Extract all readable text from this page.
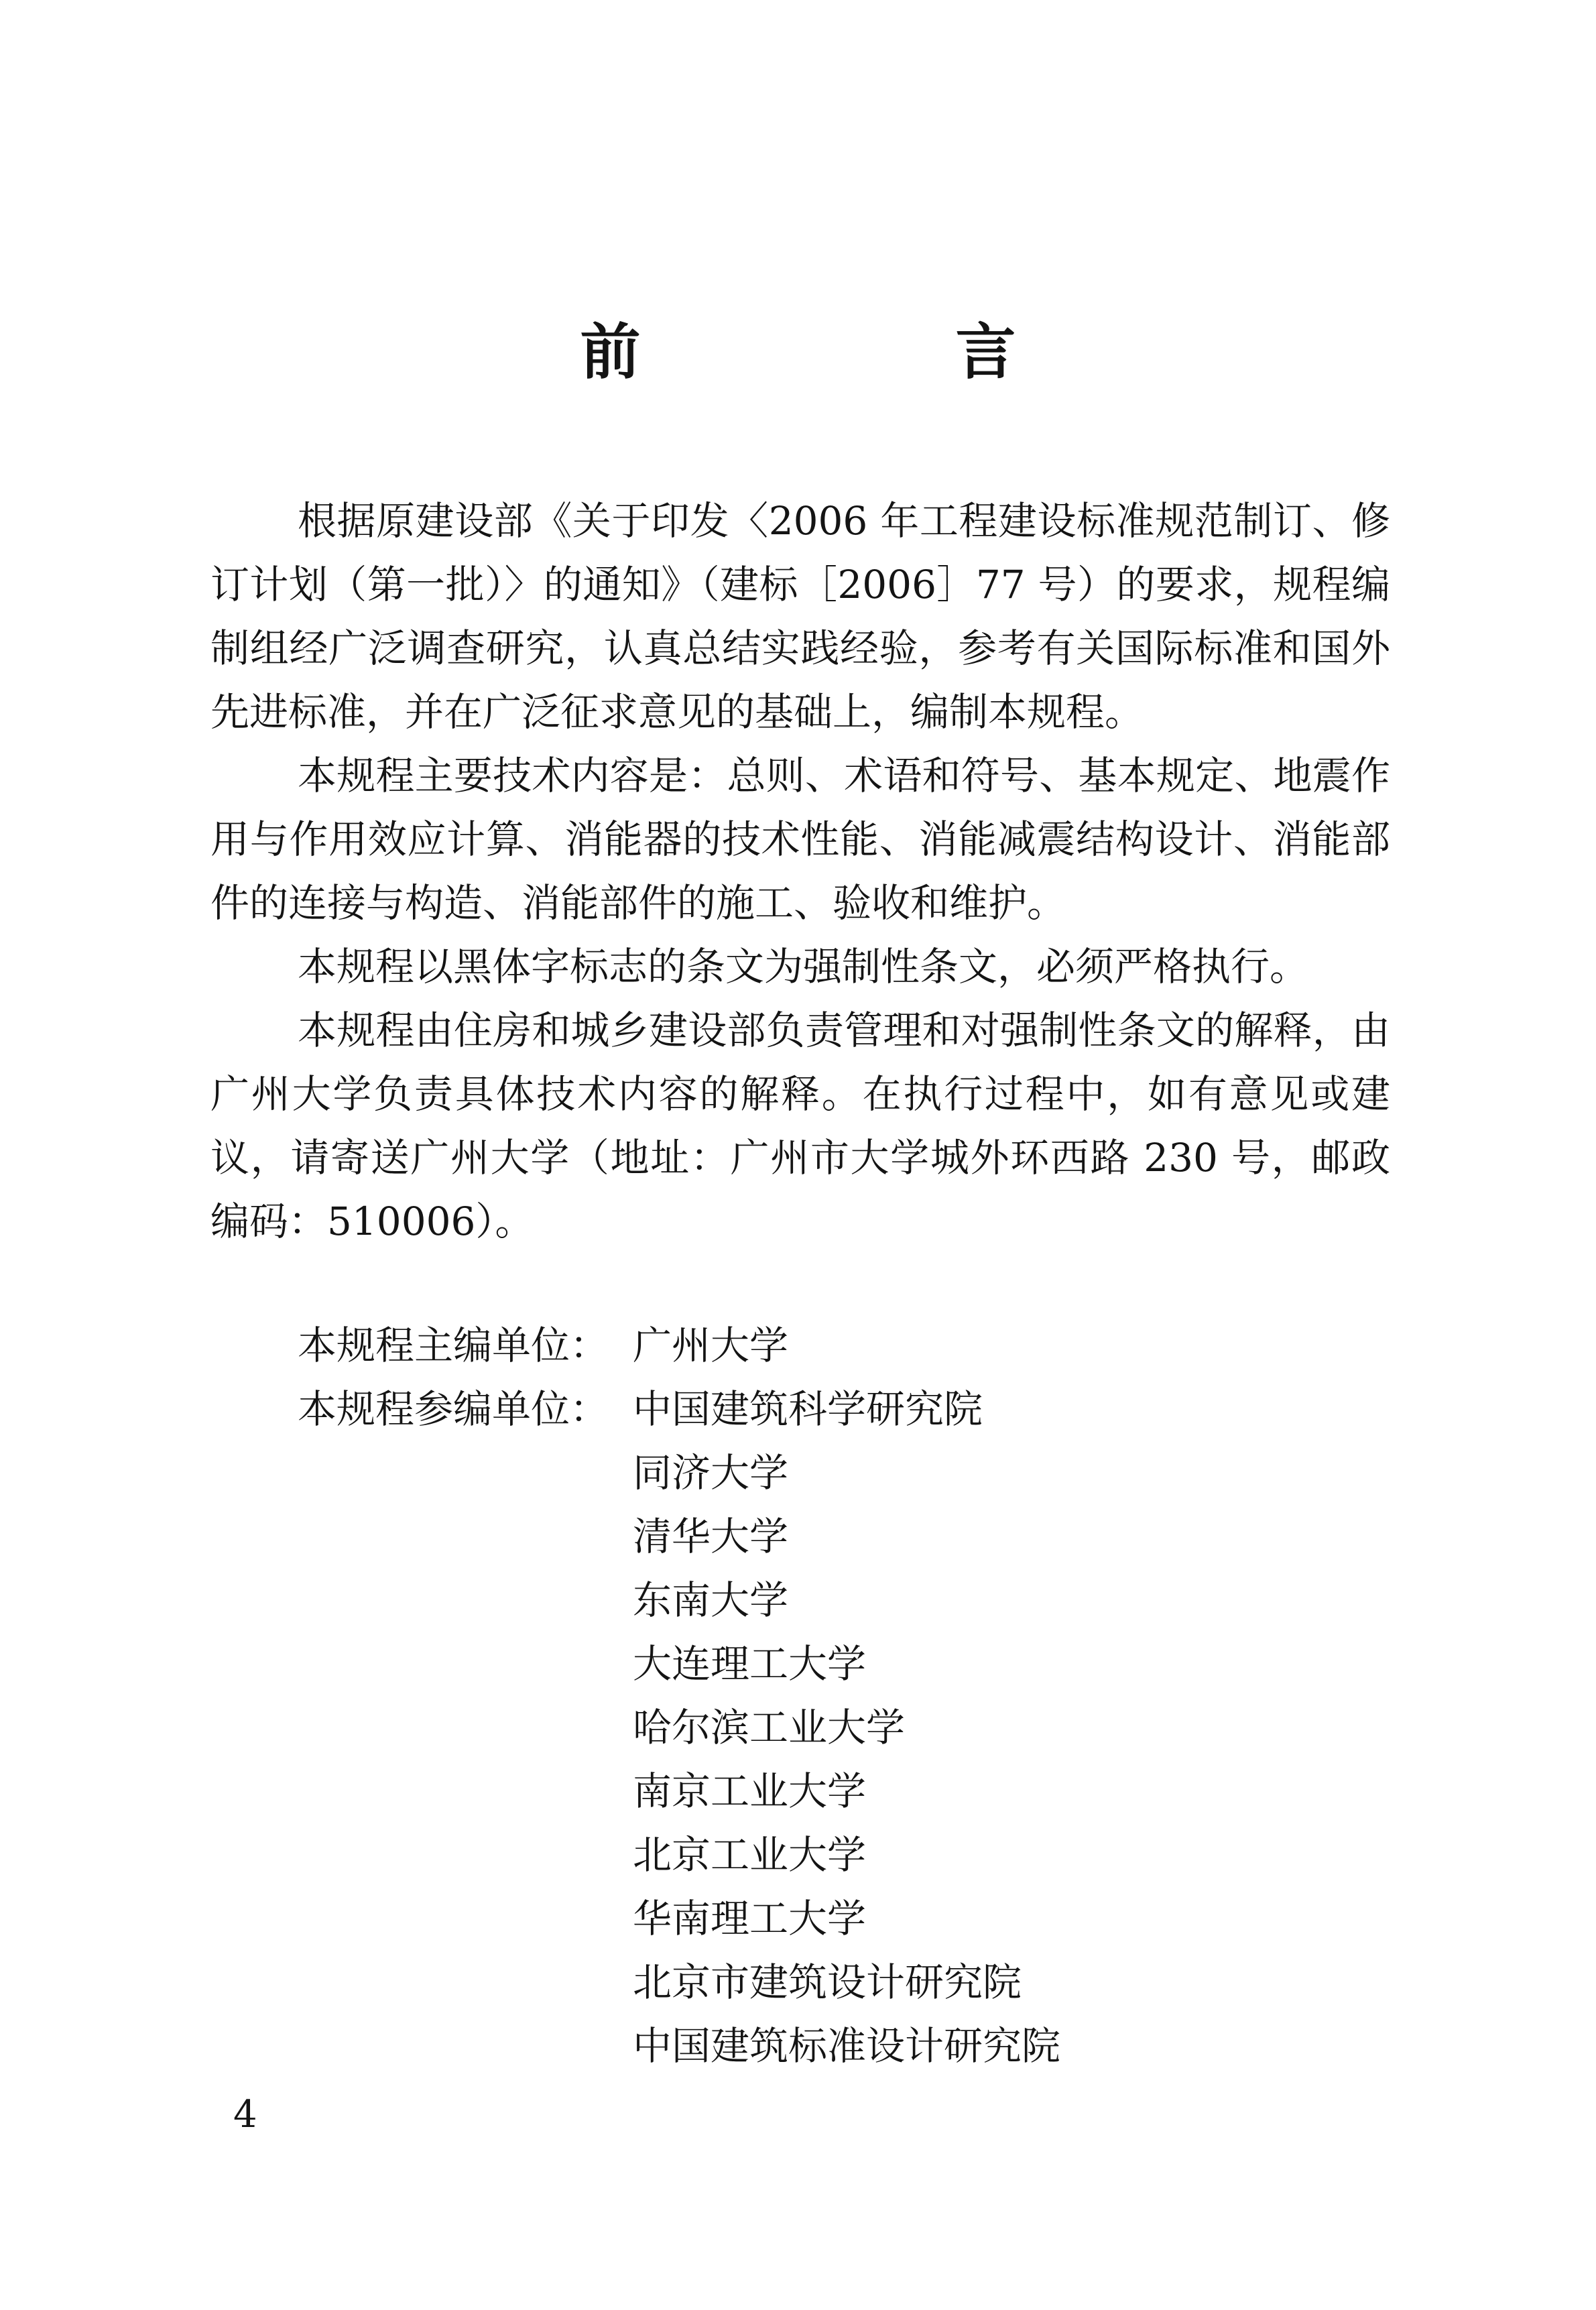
前　言

根据原建设部《关于印发〈2006 年工程建设标准规范制订、修订计划（第一批）〉的通知》（建标［2006］77 号）的要求，规程编制组经广泛调查研究，认真总结实践经验，参考有关国际标准和国外先进标准，并在广泛征求意见的基础上，编制本规程。

本规程主要技术内容是：总则、术语和符号、基本规定、地震作用与作用效应计算、消能器的技术性能、消能减震结构设计、消能部件的连接与构造、消能部件的施工、验收和维护。

本规程以黑体字标志的条文为强制性条文，必须严格执行。

本规程由住房和城乡建设部负责管理和对强制性条文的解释，由广州大学负责具体技术内容的解释。在执行过程中，如有意见或建议，请寄送广州大学（地址：广州市大学城外环西路 230 号，邮政编码：510006）。

本规程主编单位： 广州大学
本规程参编单位： 中国建筑科学研究院
同济大学
清华大学
东南大学
大连理工大学
哈尔滨工业大学
南京工业大学
北京工业大学
华南理工大学
北京市建筑设计研究院
中国建筑标准设计研究院
4
